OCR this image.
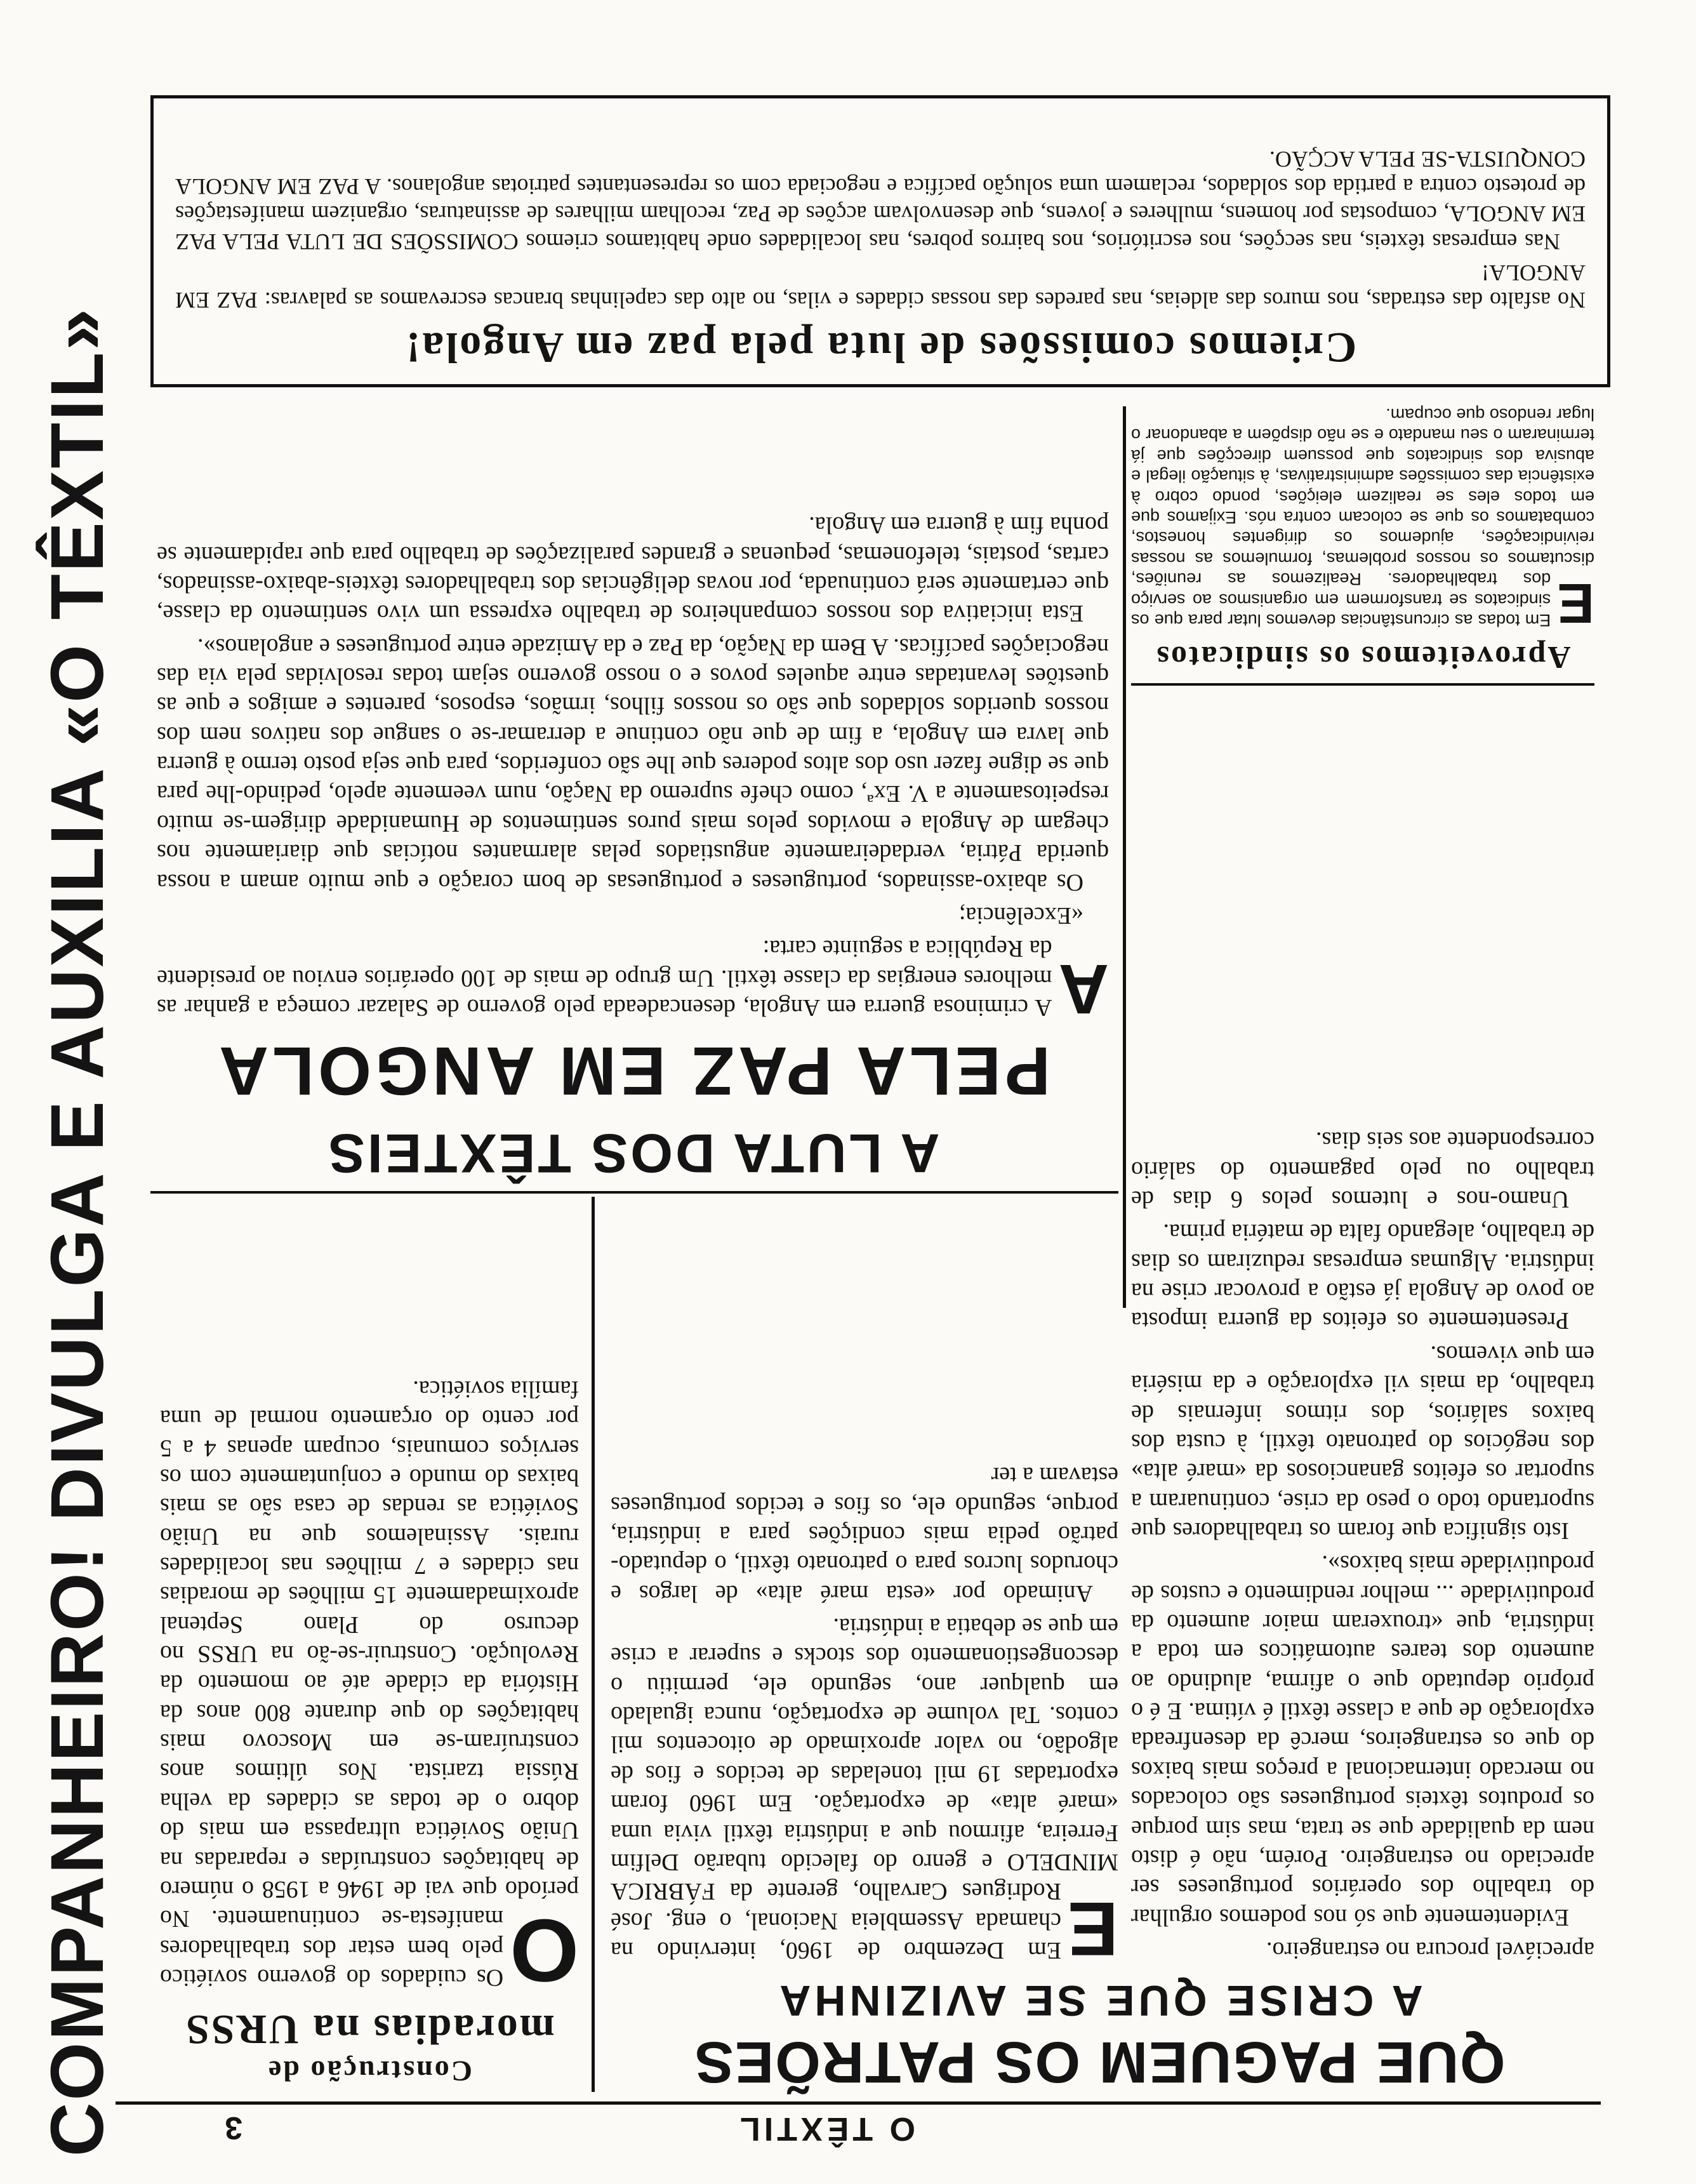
O TÊXTIL
3
COMPANHEIRO! DIVULGA E AUXILIA «O TÊXTIL»	Construção de
moradias na URSS

O
Os cuidados do governo soviético pelo bem estar dos trabalhadores manifesta-se continuamente. No período que vai de 1946 a 1958 o número de habitações construídas e reparadas na União Soviética ultrapassa em mais do dobro o de todas as cidades da velha Rússia tzarista. Nos últimos anos construíram-se em Moscovo mais habitações do que durante 800 anos da História da cidade até ao momento da Revolução. Construir-se-ão na URSS no decurso do Plano Septenal aproximadamente 15 milhões de moradias nas cidades e 7 milhões nas localidades rurais. Assinalemos que na União Soviética as rendas de casa são as mais baixas do mundo e conjuntamente com os serviços comunais, ocupam apenas 4 a 5 por cento do orçamento normal de uma família soviética.

QUE PAGUEM OS PATRÕES
A CRISE QUE SE AVIZINHA

E
Em Dezembro de 1960, intervindo na chamada Assembleia Nacional, o eng. José Rodrigues Carvalho, gerente da FÁBRICA MINDELO e genro do falecido tubarão Delfim Ferreira, afirmou que a indústria têxtil vivia uma «maré alta» de exportação. Em 1960 foram exportadas 19 mil toneladas de tecidos e fios de algodão, no valor aproximado de oitocentos mil contos. Tal volume de exportação, nunca igualado em qualquer ano, segundo ele, permitiu o descongestionamento dos stocks e superar a crise em que se debatia a indústria.

Animado por «esta maré alta» de largos e chorudos lucros para o patronato têxtil, o deputado-patrão pedia mais condições para a indústria, porque, segundo ele, os fios e tecidos portugueses estavam a ter

apreciável procura no estrangeiro.

Evidentemente que só nos podemos orgulhar do trabalho dos operários portugueses ser apreciado no estrangeiro. Porém, não é disto nem da qualidade que se trata, mas sim porque os produtos têxteis portugueses são colocados no mercado internacional a preços mais baixos do que os estrangeiros, mercê da desenfreada exploração de que a classe têxtil é vítima. E é o próprio deputado que o afirma, aludindo ao aumento dos teares automáticos em toda a indústria, que «trouxeram maior aumento da produtividade ... melhor rendimento e custos de produtividade mais baixos».

Isto significa que foram os trabalhadores que suportando todo o peso da crise, continuaram a suportar os efeitos gananciosos da «maré alta» dos negócios do patronato têxtil, à custa dos baixos salários, dos ritmos infernais de trabalho, da mais vil exploração e da miséria em que vivemos.

Presentemente os efeitos da guerra imposta ao povo de Angola já estão a provocar crise na indústria. Algumas empresas reduziram os dias de trabalho, alegando falta de matéria prima.

Unamo-nos e lutemos pelos 6 dias de trabalho ou pelo pagamento do salário correspondente aos seis dias.

A LUTA DOS TÊXTEIS
PELA PAZ EM ANGOLA

A
A criminosa guerra em Angola, desencadeada pelo governo de Salazar começa a ganhar as melhores energias da classe têxtil. Um grupo de mais de 100 operários enviou ao presidente da República a seguinte carta:

«Excelência;

Os abaixo-assinados, portugueses e portuguesas de bom coração e que muito amam a nossa querida Pátria, verdadeiramente angustiados pelas alarmantes notícias que diariamente nos chegam de Angola e movidos pelos mais puros sentimentos de Humanidade dirigem-se muito respeitosamente a V. Exª, como chefe supremo da Nação, num veemente apelo, pedindo-lhe para que se digne fazer uso dos altos poderes que lhe são conferidos, para que seja posto termo à guerra que lavra em Angola, a fim de que não continue a derramar-se o sangue dos nativos nem dos nossos queridos soldados que são os nossos filhos, irmãos, esposos, parentes e amigos e que as questões levantadas entre aqueles povos e o nosso governo sejam todas resolvidas pela via das negociações pacíficas. A Bem da Nação, da Paz e da Amizade entre portugueses e angolanos».

Esta iniciativa dos nossos companheiros de trabalho expressa um vivo sentimento da classe, que certamente será continuada, por novas deligências dos trabalhadores têxteis-abaixo-assinados, cartas, postais, telefonemas, pequenas e grandes paralizações de trabalho para que rapidamente se ponha fim à guerra em Angola.

Aproveitemos os sindicatos

E
Em todas as circunstâncias devemos lutar para que os sindicatos se transformem em organismos ao serviço dos trabalhadores. Realizemos as reuniões, discutamos os nossos problemas, formulemos as nossas reivindicações, ajudemos os dirigentes honestos, combatamos os que se colocam contra nós. Exijamos que em todos eles se realizem eleições, pondo cobro à existência das comissões administrativas, à situação ilegal e abusiva dos sindicatos que possuem direcções que já terminaram o seu mandato e se não dispõem a abandonar o lugar rendoso que ocupam.

Criemos comissões de luta pela paz em Angola!

No asfalto das estradas, nos muros das aldeias, nas paredes das nossas cidades e vilas, no alto das capelinhas brancas escrevamos as palavras: PAZ EM ANGOLA!

Nas empresas têxteis, nas secções, nos escritórios, nos bairros pobres, nas localidades onde habitamos criemos COMISSÕES DE LUTA PELA PAZ EM ANGOLA, compostas por homens, mulheres e jovens, que desenvolvam acções de Paz, recolham milhares de assinaturas, organizem manifestações de protesto contra a partida dos soldados, reclamem uma solução pacífica e negociada com os representantes patriotas angolanos. A PAZ EM ANGOLA CONQUISTA-SE PELA ACÇÃO.
